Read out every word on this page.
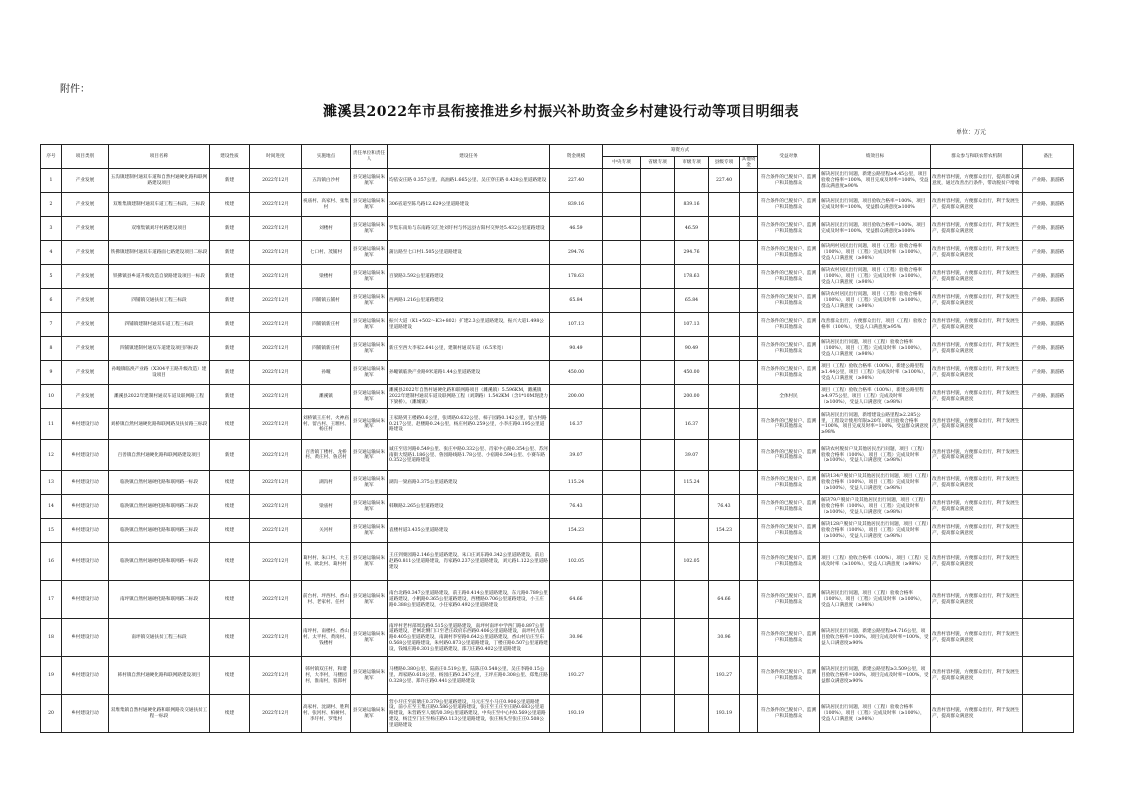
附件：
濉溪县2022年市县衔接推进乡村振兴补助资金乡村建设行动等项目明细表
单位：万元
序号	项目类别	项目名称	建设性质	时间进度	实施地点	责任单位和责任人	建设任务	资金规模	筹资方式					受益对象	绩效目标	群众参与和联农带农机制	备注
									中央专项	省级专项	市级专项	县级专项	其他资金				
1	产业发展	五沟镇建制村通双车道和自然村通硬化路和联网路建设项目	新建	2022年12月	五沟镇白沙村	县交通运输局朱航军	均依安庄路 0.357公里、高油路1.665公里、吴庄穿庄路 0.428公里道路建设	227.40				227.40		符合条件的已脱贫户、监测户和其他群众	解决居民出行问题，新建公路里程≥4.45公里，项目验收合格率=100%，项目完成及时率=100%，受益群众满意度≥90%	改善村容村貌，方便群众出行，提高群众满意度，通过改善出行条件，带动脱贫户增收	产业路、旅游路
2	产业发展	双堆集镇建制村通双车道工程三标段、三标段	续建	2022年12月	祝庙村、高家村、张集村	县交通运输局朱航军	306省道至陈乌路12.629公里道路建设	839.16			839.16			符合条件的已脱贫户、监测户和其他群众	解决居民出行问题，项目验收合格率=100%，项目完成及时率=100%，受益群众满意度≥100%	改善村容村貌，方便群众出行，利于发展生产，提高群众满意度	产业路、旅游路
3	产业发展	双堆集镇刘圩村路建设项目	新建	2022年12月	刘楼村	县交通运输局朱航军	罗集东南角与东南路交汇处刘圩村与怀远县古阳村交界处5.432公里道路建设	46.59			46.59			符合条件的已脱贫户、监测户和其他群众	解决居民出行问题，项目验收合格率=100%，项目完成及时率=100%，受益群众满意度≥100%	改善村容村貌，方便群众出行，利于发展生产，提高群众满意度	产业路、旅游路
4	产业发展	铁佛镇建制村通双车道路面七路建设项目二标段	新建	2022年12月	七口村、茂铺村	县交通运输局朱航军	蒲岳路至七口村1.505公里道路建设	294.76			294.76			符合条件的已脱贫户、监测户和其他群众	解决两村居民出行问题，项目（工程）验收合格率（100%），项目（工程）完成及时率（≥100%），受益人口满意度（≥98%）	改善村容村貌，方便群众出行，利于发展生产，提高群众满意度	产业路、旅游路
5	产业发展	铁佛镇县乡道升级改造自梁路建设项目一标段	新建	2022年12月	梁楼村	县交通运输局朱航军	百梁路3.592公里道路建设	178.63			178.63			符合条件的已脱贫户、监测户和其他群众	解决农村居民出行问题，项目（工程）验收合格率（100%），项目（工程）完成及时率（≥100%），受益人口满意度（≥98%）	改善村容村貌，方便群众出行，利于发展生产，提高群众满意度	产业路、旅游路
6	产业发展	四铺镇交通扶贫工程三标段	新建	2022年12月	四铺镇五铺村	县交通运输局朱航军	西两路1.216公里道路建设	65.84			65.84			符合条件的已脱贫户、监测户和其他群众	解决农村居民出行问题，项目（工程）验收合格率（100%），项目（工程）完成及时率（≥100%），受益人口满意度（≥98%）	改善村容村貌，方便群众出行，利于发展生产，提高群众满意度	产业路、旅游路
7	产业发展	四铺镇建制村通双车道工程三标段	新建	2022年12月	四铺镇新庄村	县交通运输局朱航军	振兴大道（K1+502～K3+802）扩建2.3公里道路建设，振兴大道1.498公里道路建设	107.13			107.13			符合条件的已脱贫户、监测户和其他群众	改善群众出行，方便群众出行，项目（工程）验收合格率（100%），受益人口满意度≥95%	改善村容村貌，方便群众出行，利于发展生产，提高群众满意度	产业路、旅游路
8	产业发展	四铺镇建制村通双车道建设项目四标段	新建	2022年12月	四铺镇新庄村	县交通运输局朱航军	新庄至西大李家2.641公里，建制村通双车道（6.5米宽）	90.49			90.49			符合条件的已脱贫户、监测户和其他群众	解决居民出行问题，项目（工程）验收合格率（100%），项目（工程）完成及时率（≥100%），受益人口满意度（≥98%）	改善村容村貌，方便群众出行，利于发展生产，提高群众满意度	产业路、旅游路
9	产业发展	孙疃镇临涣产业路（X304平王路升级改造）建设项目	新建	2022年12月	孙疃	县交通运输局朱航军	孙疃镇临涣产业路9米道路1.44公里道路建设	450.00			450.00			符合条件的已脱贫户、监测户和其他群众	项目（工程）验收合格率（100%），新建公路里程≥1.44公里，项目（工程）完成及时率（≥100%），受益人口满意度（≥98%）	改善村容村貌，方便群众出行，利于发展生产，提高群众满意度	产业路、旅游路
10	产业发展	濉溪县2022年建制村通双车道及联网路工程	新建	2022年12月	濉溪镇	县交通运输局朱航军	濉溪县2022年自然村通硬化路和联网路项目（濉溪镇）5.596KM，濉溪镇2022年建制村通双车道及联网路工程（刘期路）1.542KM（含1*10M现浇力下梁桥）。（濉城镇）	200.00			200.00			全体村民	项目（工程）验收合格率（100%），新建公路里程≥4.975公里，项目（工程）完成及时率（≥100%），受益人口满意度（≥98%）	改善村容村貌，方便群众出行，利于发展生产，提高群众满意度	产业路、旅游路
11	乡村建设行动	刘桥镇自然村通硬化路和联网路及扶贫路三标段	续建	2022年12月	刘桥镇王庄村、火神庙村、留古村、王堰村、杨庄村	县交通运输局朱航军	王家路到王楼路0.6公里，张周路0.632公里、柿子园路0.142公里，留古村路0.217公里，赵楼路0.24公里，杨庄村路0.259公里，小李庄路0.195公里道路建设	16.37			16.37			符合条件的已脱贫户、监测户和其他群众	解决居民出行问题，新增建设公路里程≥2.285公里，工程设计使用年限≥20年，项目验收合格率=100%，项目完成及时率=100%，受益群众满意度≥98%	改善村容村貌，方便群众出行，利于发展生产，提高群众满意度	
12	乡村建设行动	百善镇自然村通硬化路和联网路建设项目	新建	2022年12月	百善镇丁楼村、龙桥村、黄庄村、鲁店村	县交通运输局朱航军	诚庄至房河路0.549公里、张庄中路0.332公里、肖家中心路0.354公里、苏河南街大堤路1.186公里、鲁园路线路1.78公里、小宿路0.594公里、小赛车路0.352公里道路建设	39.07			39.07			符合条件的已脱贫户、监测户和其他群众	解决农村脱贫户及其他居民出行问题，项目（工程）验收合格率（100%），项目（工程）完成及时率（≥100%），受益人口满意度（≥98%）	改善村容村貌，方便群众出行，利于发展生产，提高群众满意度	
13	乡村建设行动	临涣镇自然村通硬化路和联网路一标段	续建	2022年12月	湖沟村	县交通运输局朱航军	湖沟一梁庙路3.375公里道路建设	115.24			115.24			符合条件的已脱贫户、监测户和其他群众	解决134户脱贫户及其他居民出行问题，项目（工程）验收合格率（100%），项目（工程）完成及时率（≥100%），受益人口满意度（≥98%）	改善村容村貌，方便群众出行，利于发展生产，提高群众满意度	
14	乡村建设行动	临涣镇自然村通硬化路和联网路二标段	续建	2022年12月	梁庙村	县交通运输局朱航军	韩顺路2.265公里道路建设	76.43				76.43		符合条件的已脱贫户、监测户和其他群众	解决79户脱贫户及其他居民出行问题，项目（工程）验收合格率（100%），项目（工程）完成及时率（≥100%），受益人口满意度（≥98%）	改善村容村貌，方便群众出行，利于发展生产，提高群众满意度	
15	乡村建设行动	临涣镇自然村通硬化路和联网路三标段	续建	2022年12月	关河村	县交通运输局朱航军	袁楼村道3.435公里道路建设	154.23				154.23		符合条件的已脱贫户、监测户和其他群众	解决128户脱贫户及其他居民出行问题，项目（工程）验收合格率（100%），项目（工程）完成及时率（≥100%），受益人口满意度（≥98%）	改善村容村貌，方便群众出行，利于发展生产，提高群众满意度	
16	乡村建设行动	临涣镇自然村通硬化路和联网路一标段	续建	2022年12月	葛村村、朱口村、大王村、欧北村、葛村村	县交通运输局朱航军	王庄到栗园路2.146公里道路建设，朱口庄刘东路0.342公里道路建设，前后赵路0.811公里道路建设，肖家路0.237公里道路建设，刘元路1.122公里道路建设	102.05			102.05			符合条件的已脱贫户、监测户和其他群众	项目（工程）验收合格率（100%），项目（工程）完成及时率（≥100%），受益人口满意度（≥98%）	改善村容村貌，方便群众出行，利于发展生产，提高群众满意度	
17	乡村建设行动	南坪镇自然村通硬化路和联网路二标段	续建	2022年12月	前台村、坪西村、香山村、老家村、任村	县交通运输局朱航军	南台北路0.347公里道路建设，前王路0.414公里道路建设，东元路0.789公里道路建设，小帆路0.365公里道路建设，西楼路0.706公里道路建设，小王庄路0.388公里道路建设，小任家路0.492公里道路建设	64.66				64.66		符合条件的已脱贫户、监测户和其他群众	解决居民出行问题，项目（工程）验收合格率（100%），项目（工程）完成及时率（≥100%），受益人口满意度（≥98%）	改善村容村貌，方便群众出行，利于发展生产，提高群众满意度	
18	乡村建设行动	南坪镇交通扶贫工程三标段	续建	2022年12月	南坪村、南楼村、香山村、太平村、黄岗村、钱楼村	县交通运输局朱航军	南坪村老村部周边路0.515公里道路建设，南坪村南坪中学西门路0.897公里道路建设，老闸北侧门口至老庄政府东西路0.406公里道路建设，南坪村九组路0.405公里道路建设，南湖村李窑路0.642公里道路建设，香山村后庄至东0.568公里道路建设，朱村路0.873公里道路建设，丁楼庄路0.507公里道路建设，钱城庄路0.301公里道路建设，邵刀庄路0.402公里道路建设	30.96				30.96		符合条件的已脱贫户、监测户和其他群众	解决居民出行问题，新建公路里程≥4.716公里，项目验收合格率=100%，项目完成及时率=100%，受益人口满意度≥90%	改善村容村貌，方便群众出行，利于发展生产，提高群众满意度	
19	乡村建设行动	韩村镇自然村通硬化路和联网路建设项目	续建	2022年12月	韩村镇双庄村，和谐村，大李村，马楼园村，淮南村，客郢村	县交通运输局朱航军	马楼路0.380公里、陆庙庄0.519公里、陆陈庄0.548公里、吴庄李路0.15公里、周家路0.618公里、杨园庄路0.247公里，王坪庄路0.308公里、郑集庄路0.328公里、郑许庄路0.441公里道路建设	193.27				193.27		符合条件的已脱贫户、监测户和其他群众	解决居民出行问题，新建公路里程≥3.509公里，项目验收合格率=100%，项目完成及时率=100%，受益群众满意度≥90%	改善村容村貌，方便群众出行，利于发展生产，提高群众满意度	
20	乡村建设行动	双堆集镇自然村通硬化路和联网路及交通扶贫工程一标段	续建	2022年12月	高家村、沈湖村、胜利村、张河村、柏树村、李圩村、罗集村	县交通运输局朱航军	营小圩庄至前塘庄0.379公里道路建设，马元庄至小马庄0.906公里道路建设，前小庄至王集庄路0.586公里道路建设，张庄至王庄至庄路0.683公里道路建设，朱营路至人烟沟0.39公里道路建设，中央庄至中心村0.569公里道路建设，杨洼至门庄至杨庄路0.113公里道路建设，张庄杨头至张庄庄0.508公里道路建设	193.19				193.19		符合条件的已脱贫户、监测户和其他群众	解决居民出行问题，项目（工程）验收合格率（100%），项目（工程）完成及时率（≥100%），受益人口满意度（≥98%）	改善村容村貌，方便群众出行，利于发展生产，提高群众满意度	
